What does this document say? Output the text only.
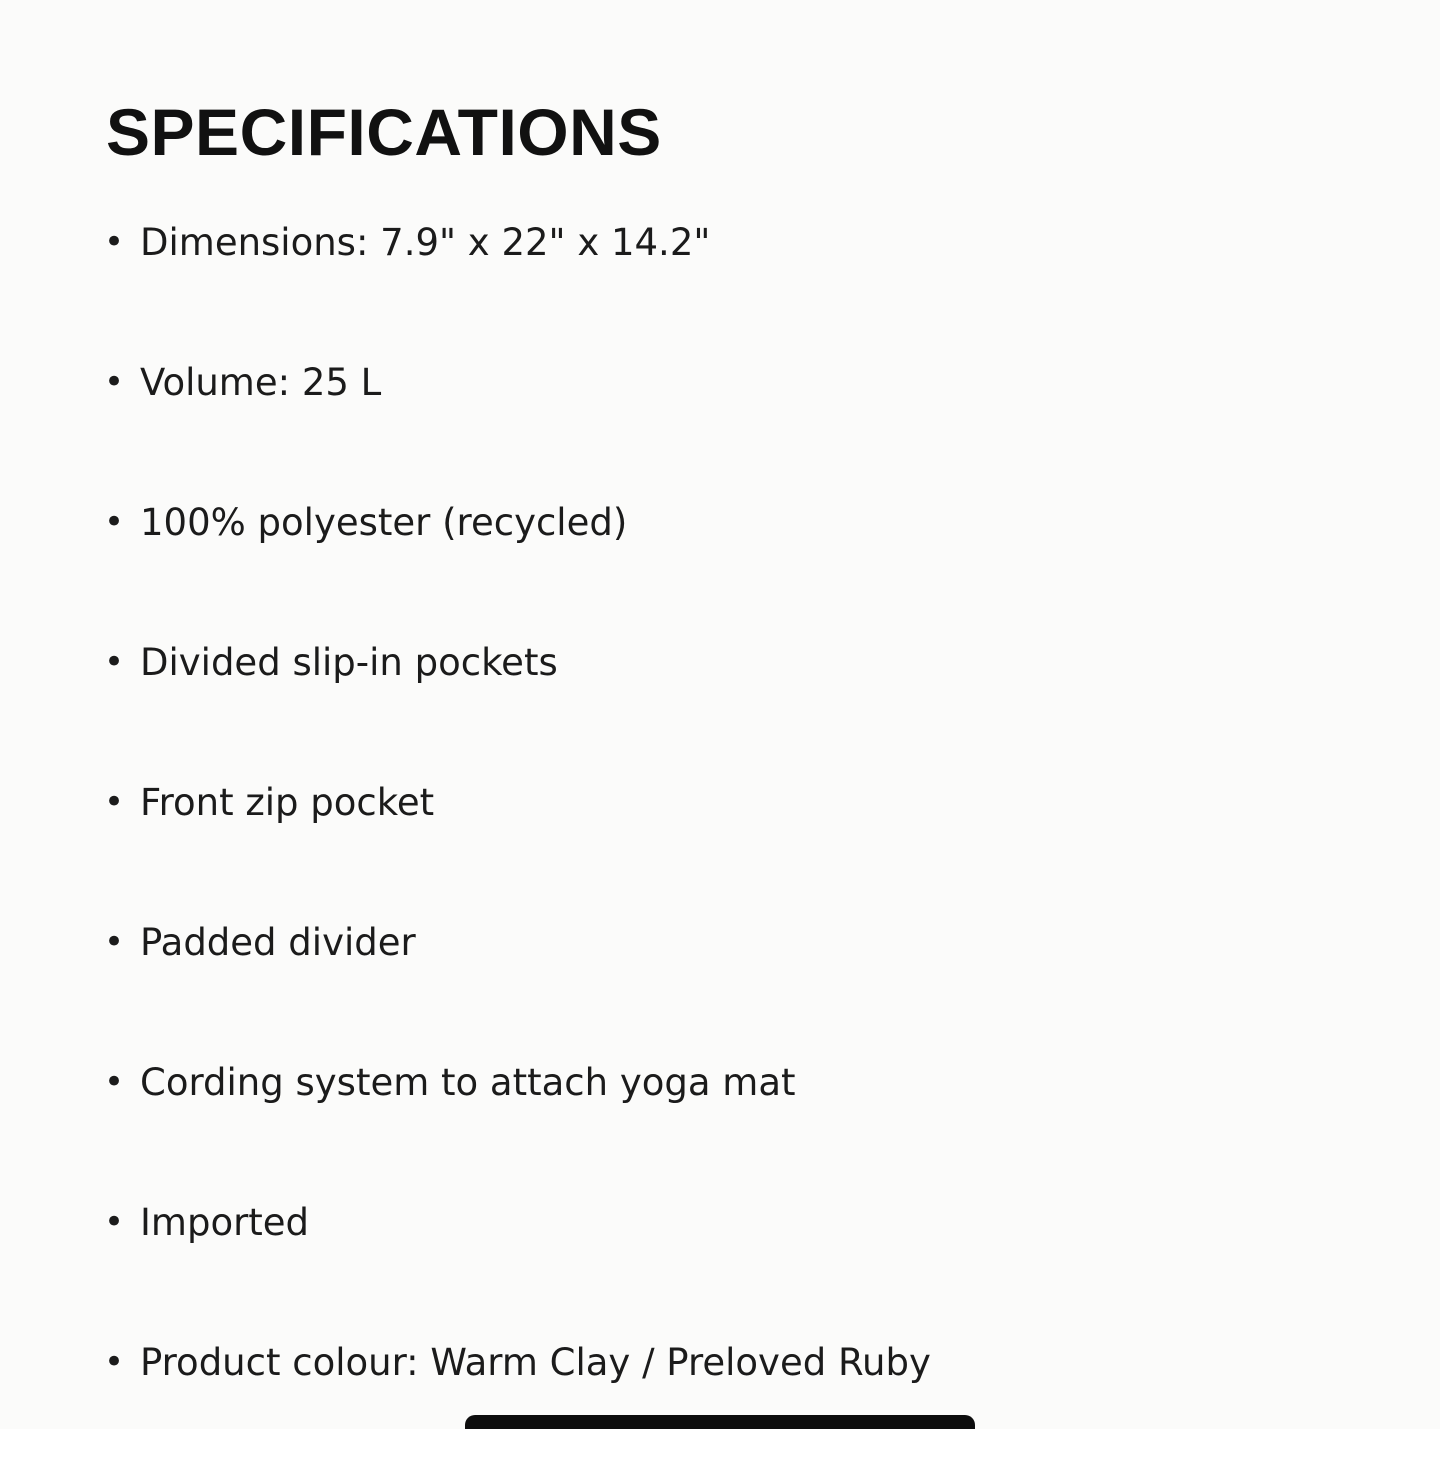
SPECIFICATIONS
• Dimensions: 7.9" x 22" x 14.2"
• Volume: 25 L
• 100% polyester (recycled)
• Divided slip-in pockets
• Front zip pocket
• Padded divider
• Cording system to attach yoga mat
• Imported
• Product colour: Warm Clay / Preloved Ruby
